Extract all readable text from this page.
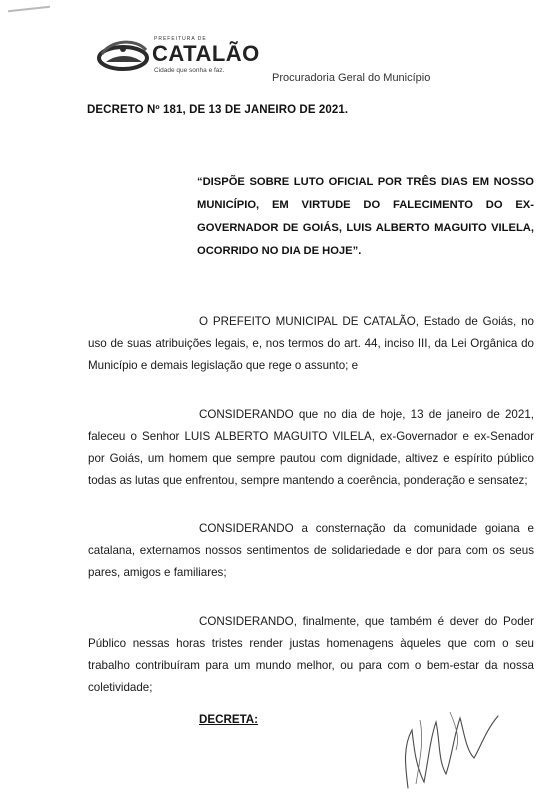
PREFEITURA DE
CATALÃO
Cidade que sonha e faz.
Procuradoria Geral do Município
DECRETO Nº 181, DE 13 DE JANEIRO DE 2021.
“DISPÕE SOBRE LUTO OFICIAL POR TRÊS DIAS EM NOSSO MUNICÍPIO, EM VIRTUDE DO FALECIMENTO DO EX-GOVERNADOR DE GOIÁS, LUIS ALBERTO MAGUITO VILELA, OCORRIDO NO DIA DE HOJE”.

O PREFEITO MUNICIPAL DE CATALÃO, Estado de Goiás, no uso de suas atribuições legais, e, nos termos do art. 44, inciso III, da Lei Orgânica do Município e demais legislação que rege o assunto; e

CONSIDERANDO que no dia de hoje, 13 de janeiro de 2021, faleceu o Senhor LUIS ALBERTO MAGUITO VILELA, ex-Governador e ex-Senador por Goiás, um homem que sempre pautou com dignidade, altivez e espírito público todas as lutas que enfrentou, sempre mantendo a coerência, ponderação e sensatez;

CONSIDERANDO a consternação da comunidade goiana e catalana, externamos nossos sentimentos de solidariedade e dor para com os seus pares, amigos e familiares;

CONSIDERANDO, finalmente, que também é dever do Poder Público nessas horas tristes render justas homenagens àqueles que com o seu trabalho contribuíram para um mundo melhor, ou para com o bem-estar da nossa coletividade;

DECRETA:
